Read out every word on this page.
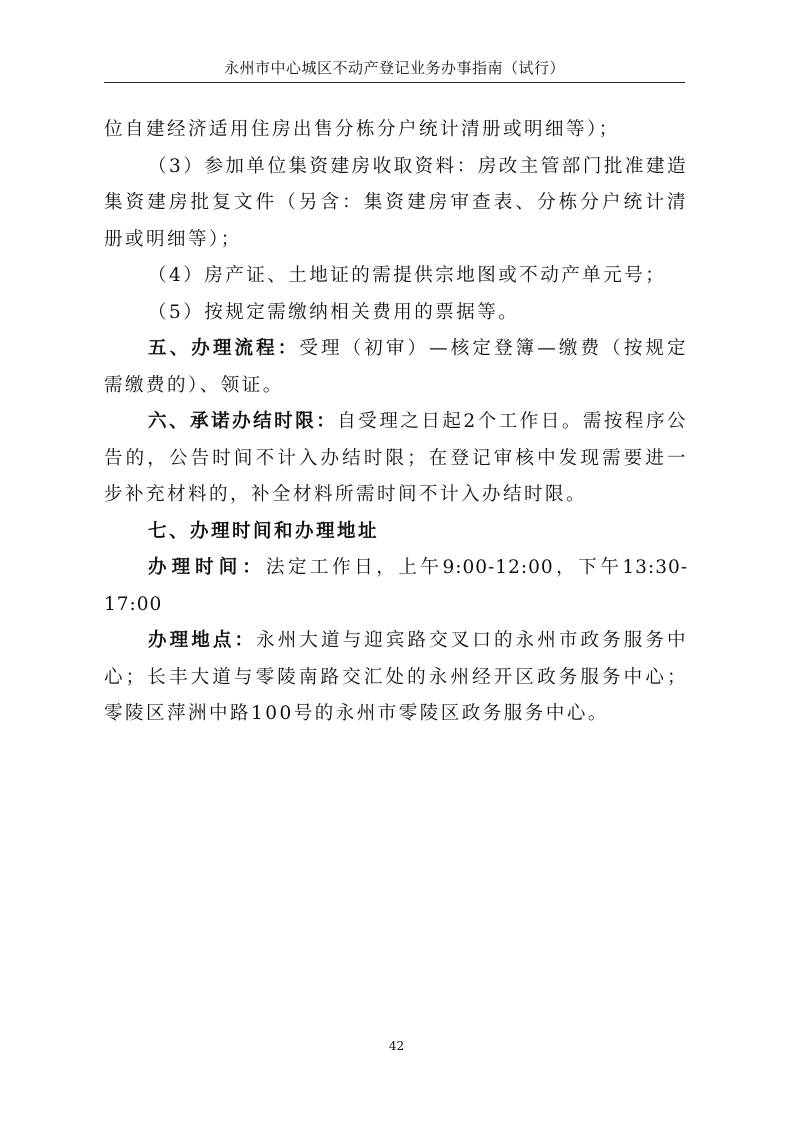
永州市中心城区不动产登记业务办事指南（试行）

位自建经济适用住房出售分栋分户统计清册或明细等）；

（3）参加单位集资建房收取资料：房改主管部门批准建造集资建房批复文件（另含：集资建房审查表、分栋分户统计清册或明细等）；

（4）房产证、土地证的需提供宗地图或不动产单元号；

（5）按规定需缴纳相关费用的票据等。

五、办理流程：受理（初审）—核定登簿—缴费（按规定需缴费的）、领证。

六、承诺办结时限：自受理之日起2个工作日。需按程序公告的，公告时间不计入办结时限；在登记审核中发现需要进一步补充材料的，补全材料所需时间不计入办结时限。

七、办理时间和办理地址

办理时间：法定工作日，上午9:00-12:00，下午13:30-17:00

办理地点：永州大道与迎宾路交叉口的永州市政务服务中心；长丰大道与零陵南路交汇处的永州经开区政务服务中心；零陵区萍洲中路100号的永州市零陵区政务服务中心。

42
